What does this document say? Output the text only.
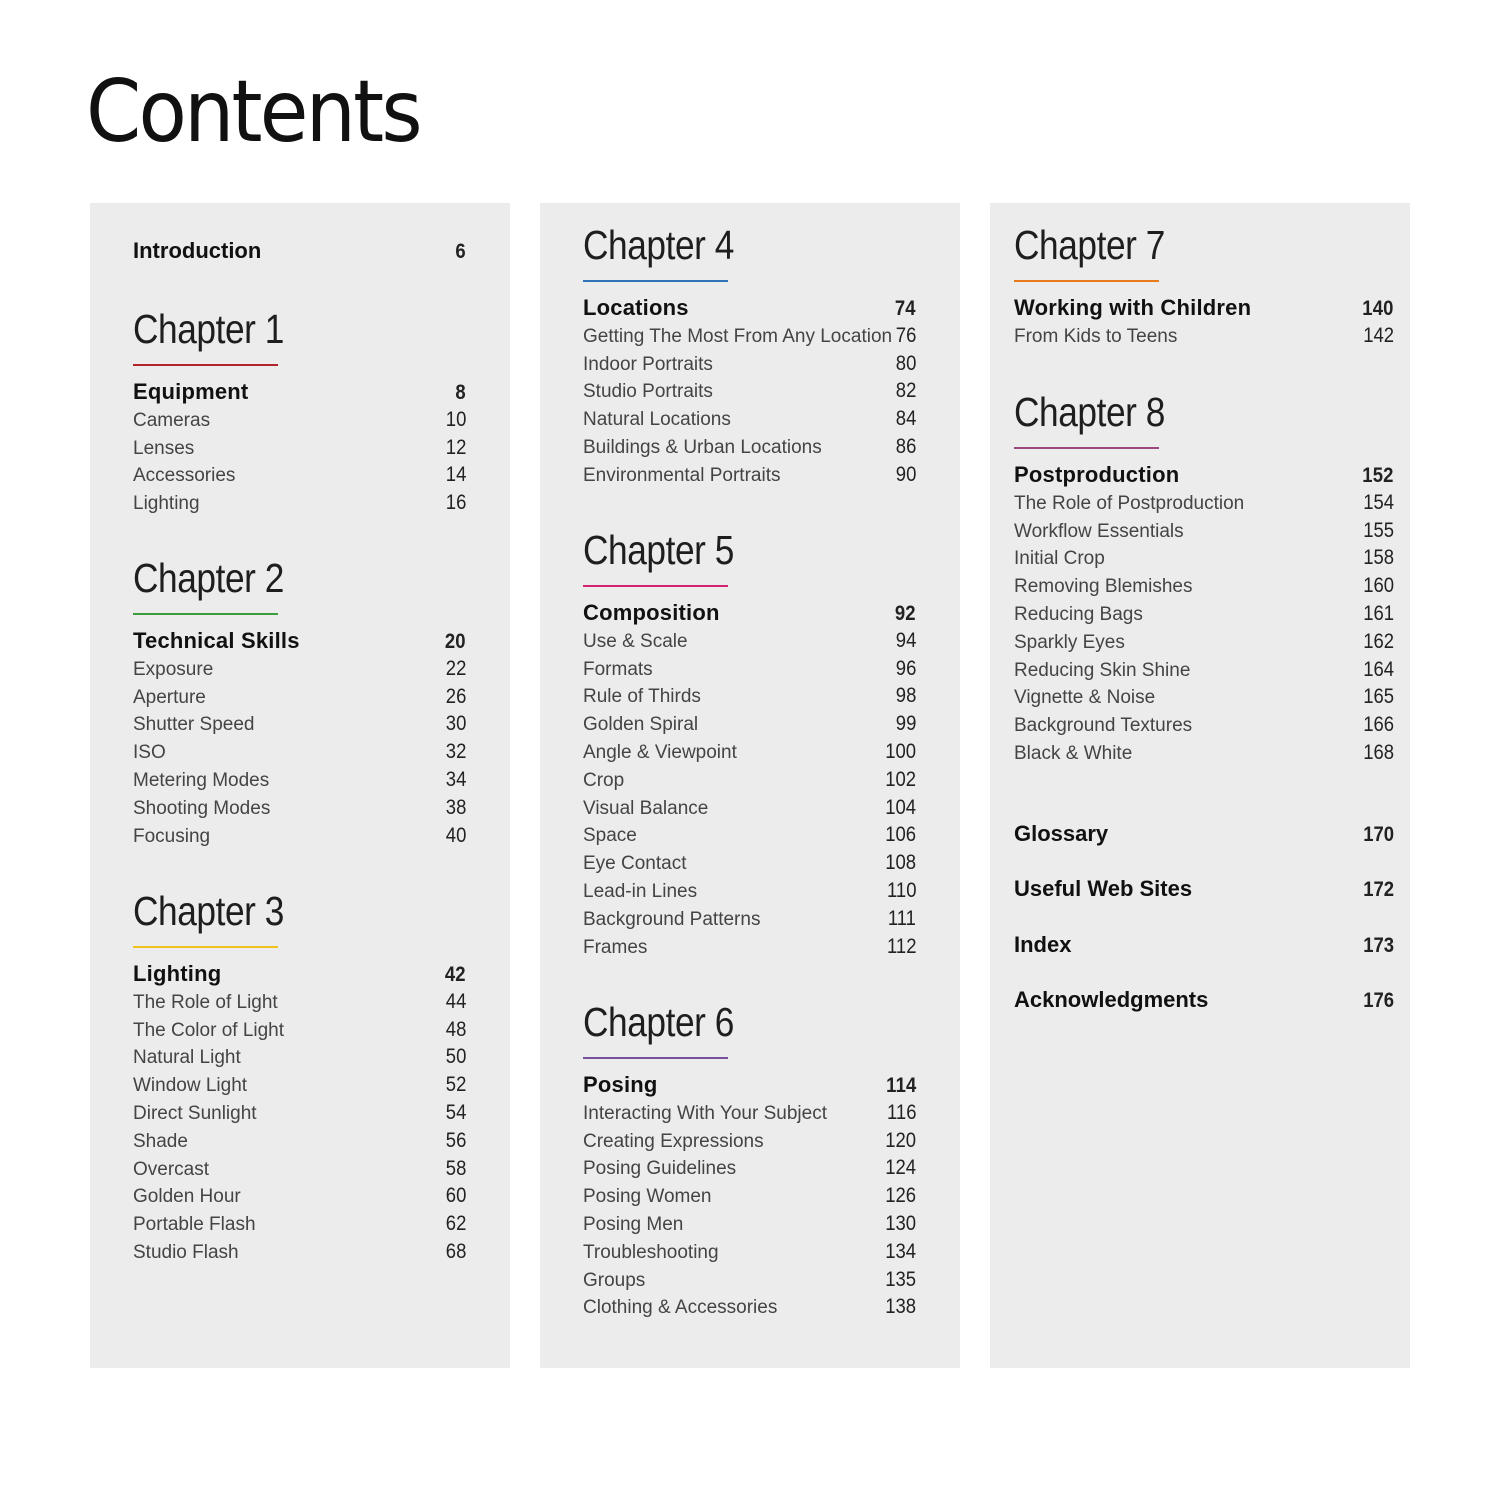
Contents
Introduction	6
Chapter 1
Equipment	8
Cameras	10
Lenses	12
Accessories	14
Lighting	16
Chapter 2
Technical Skills	20
Exposure	22
Aperture	26
Shutter Speed	30
ISO	32
Metering Modes	34
Shooting Modes	38
Focusing	40
Chapter 3
Lighting	42
The Role of Light	44
The Color of Light	48
Natural Light	50
Window Light	52
Direct Sunlight	54
Shade	56
Overcast	58
Golden Hour	60
Portable Flash	62
Studio Flash	68
Chapter 4
Locations	74
Getting The Most From Any Location 76
Indoor Portraits	80
Studio Portraits	82
Natural Locations	84
Buildings & Urban Locations	86
Environmental Portraits	90
Chapter 5
Composition	92
Use & Scale	94
Formats	96
Rule of Thirds	98
Golden Spiral	99
Angle & Viewpoint	100
Crop	102
Visual Balance	104
Space	106
Eye Contact	108
Lead-in Lines	110
Background Patterns	111
Frames	112
Chapter 6
Posing	114
Interacting With Your Subject	116
Creating Expressions	120
Posing Guidelines	124
Posing Women	126
Posing Men	130
Troubleshooting	134
Groups	135
Clothing & Accessories	138
Chapter 7
Working with Children	140
From Kids to Teens	142
Chapter 8
Postproduction	152
The Role of Postproduction	154
Workflow Essentials	155
Initial Crop	158
Removing Blemishes	160
Reducing Bags	161
Sparkly Eyes	162
Reducing Skin Shine	164
Vignette & Noise	165
Background Textures	166
Black & White	168
Glossary	170
Useful Web Sites	172
Index	173
Acknowledgments	176
